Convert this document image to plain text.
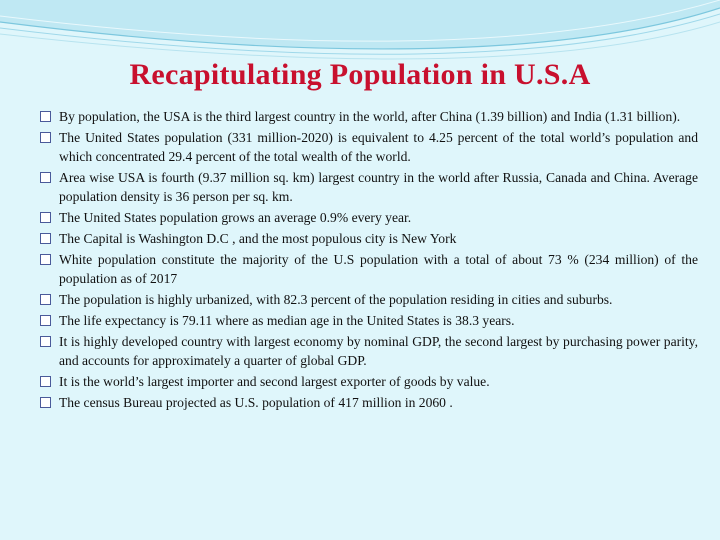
Recapitulating Population in U.S.A
By population, the USA is the third largest country in the world, after China (1.39 billion) and India (1.31 billion).
The United States population (331 million-2020) is equivalent to 4.25 percent of the total world’s population and which concentrated 29.4 percent of the total wealth of the world.
Area wise USA is fourth (9.37 million sq. km) largest country in the world after Russia, Canada and China. Average population density is 36 person per sq. km.
The United States population grows an average 0.9% every year.
The Capital is Washington D.C , and the most populous city is New York
White population constitute the majority of the U.S population with a total of about 73 % (234 million) of the population as of 2017
The population is highly urbanized, with 82.3 percent of the population residing in cities and suburbs.
The life expectancy is 79.11 where as median age in the United States is 38.3 years.
It is highly developed country with largest economy by nominal GDP, the second largest by purchasing power parity, and accounts for approximately a quarter of global GDP.
It is the world’s largest importer and second largest exporter of goods by value.
The census Bureau projected as U.S. population of 417 million in 2060 .
